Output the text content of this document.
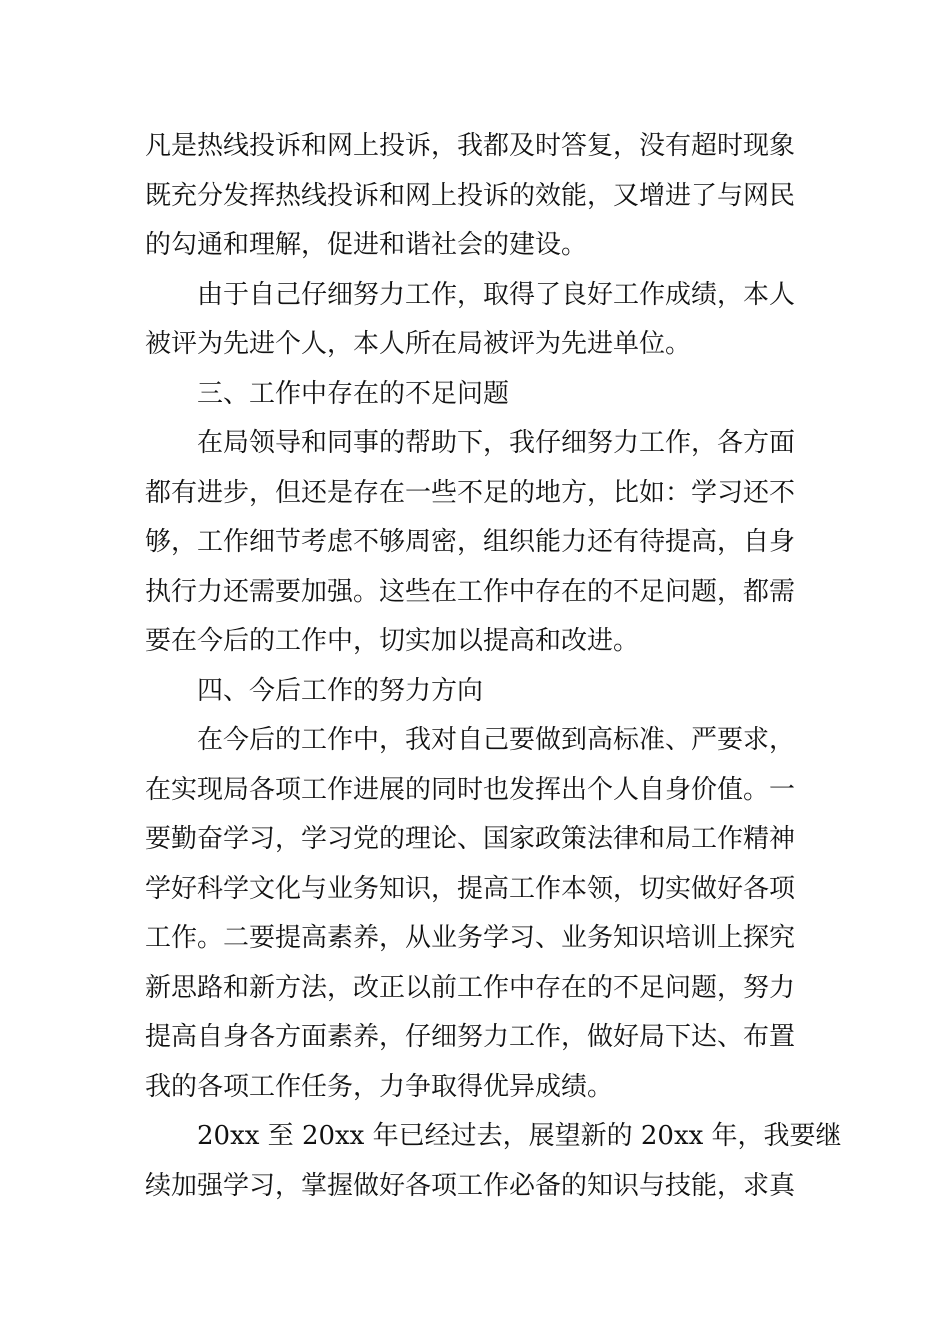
凡是热线投诉和网上投诉，我都及时答复，没有超时现象
既充分发挥热线投诉和网上投诉的效能，又增进了与网民
的勾通和理解，促进和谐社会的建设。
由于自己仔细努力工作，取得了良好工作成绩，本人
被评为先进个人，本人所在局被评为先进单位。
三、工作中存在的不足问题
在局领导和同事的帮助下，我仔细努力工作，各方面
都有进步，但还是存在一些不足的地方，比如：学习还不
够，工作细节考虑不够周密，组织能力还有待提高，自身
执行力还需要加强。这些在工作中存在的不足问题，都需
要在今后的工作中，切实加以提高和改进。
四、今后工作的努力方向
在今后的工作中，我对自己要做到高标准、严要求，
在实现局各项工作进展的同时也发挥出个人自身价值。一
要勤奋学习，学习党的理论、国家政策法律和局工作精神
学好科学文化与业务知识，提高工作本领，切实做好各项
工作。二要提高素养，从业务学习、业务知识培训上探究
新思路和新方法，改正以前工作中存在的不足问题，努力
提高自身各方面素养，仔细努力工作，做好局下达、布置
我的各项工作任务，力争取得优异成绩。
20xx 至 20xx 年已经过去，展望新的 20xx 年，我要继
续加强学习，掌握做好各项工作必备的知识与技能，求真
